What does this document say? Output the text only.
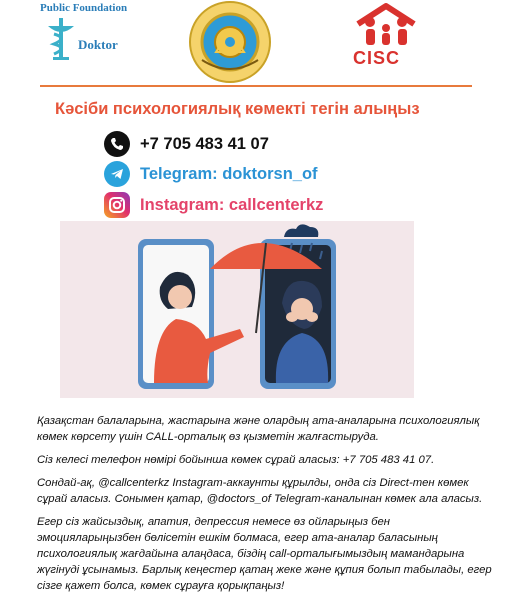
Public Foundation
Doktor
CISC
Кәсіби психологиялық көмекті тегін алыңыз
+7 705 483 41 07
Telegram: doktorsn_of
Instagram: callcenterkz

Қазақстан балаларына, жастарына және олардың ата-аналарына психологиялық көмек көрсету үшін CALL-орталық өз қызметін жалғастыруда.

Сіз келесі телефон нөмірі бойынша көмек сұрай аласыз: +7 705 483 41 07.

Сондай-ақ, @callcenterkz Instagram-аккаунты құрылды, онда сіз Direct-тен көмек сұрай аласыз. Сонымен қатар, @doctors_of Telegram-каналынан көмек ала аласыз.

Егер сіз жайсыздық, апатия, депрессия немесе өз ойларыңыз бен эмоцияларыңызбен бөлісетін ешкім болмаса, егер ата-аналар баласының психологиялық жағдайына алаңдаса, біздің call-орталығымыздың мамандарына жүгінуді ұсынамыз. Барлық кеңестер қатаң жеке және құпия болып табылады, егер сізге қажет болса, көмек сұрауға қорықпаңыз!
